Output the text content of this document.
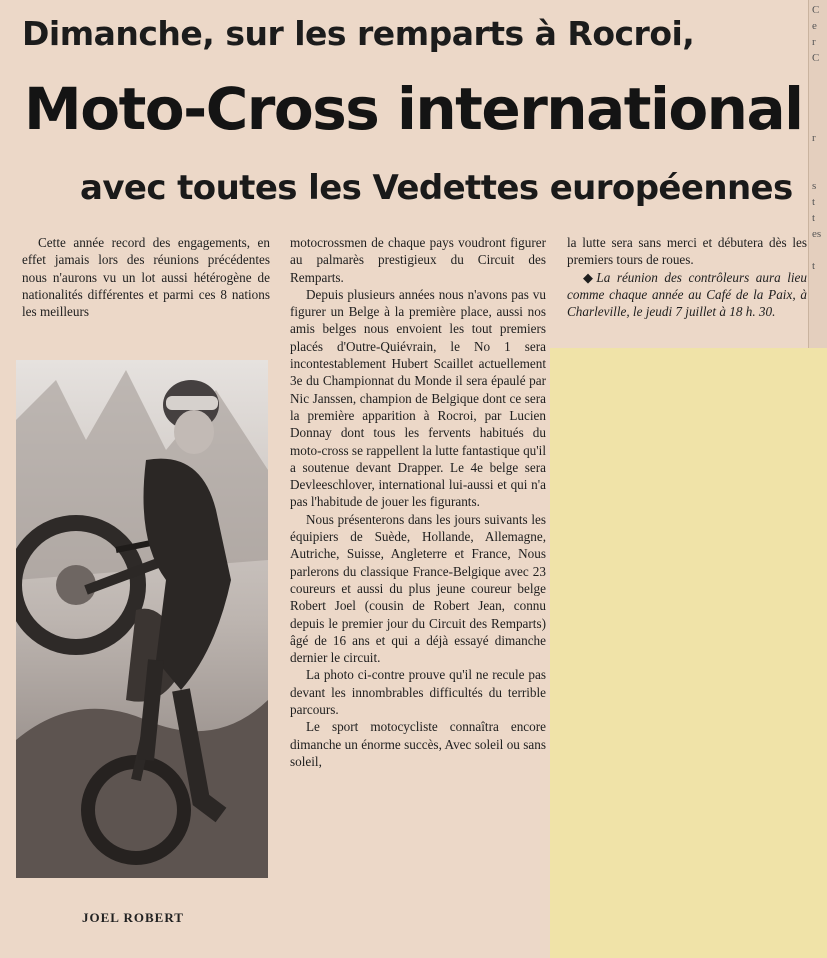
C
e
r
C

r

s
t
t
es

t
Dimanche, sur les remparts à Rocroi,
Moto-Cross international
avec toutes les Vedettes européennes

Cette année record des engagements, en effet jamais lors des réunions précédentes nous n'aurons vu un lot aussi hétérogène de nationalités différentes et parmi ces 8 nations les meilleurs

motocrossmen de chaque pays voudront figurer au palmarès prestigieux du Circuit des Remparts.

Depuis plusieurs années nous n'avons pas vu figurer un Belge à la première place, aussi nos amis belges nous envoient les tout premiers placés d'Outre-Quiévrain, le No 1 sera incontestablement Hubert Scaillet actuellement 3e du Championnat du Monde il sera épaulé par Nic Janssen, champion de Belgique dont ce sera la première apparition à Rocroi, par Lucien Donnay dont tous les fervents habitués du moto-cross se rappellent la lutte fantastique qu'il a soutenue devant Drapper. Le 4e belge sera Devleeschlover, international lui-aussi et qui n'a pas l'habitude de jouer les figurants.

Nous présenterons dans les jours suivants les équipiers de Suède, Hollande, Allemagne, Autriche, Suisse, Angleterre et France, Nous parlerons du classique France-Belgique avec 23 coureurs et aussi du plus jeune coureur belge Robert Joel (cousin de Robert Jean, connu depuis le premier jour du Circuit des Remparts) âgé de 16 ans et qui a déjà essayé dimanche dernier le circuit.

La photo ci-contre prouve qu'il ne recule pas devant les innombrables difficultés du terrible parcours.

Le sport motocycliste connaîtra encore dimanche un énorme succès, Avec soleil ou sans soleil,

la lutte sera sans merci et débutera dès les premiers tours de roues.

◆ La réunion des contrôleurs aura lieu comme chaque année au Café de la Paix, à Charleville, le jeudi 7 juillet à 18 h. 30.

JOEL ROBERT
